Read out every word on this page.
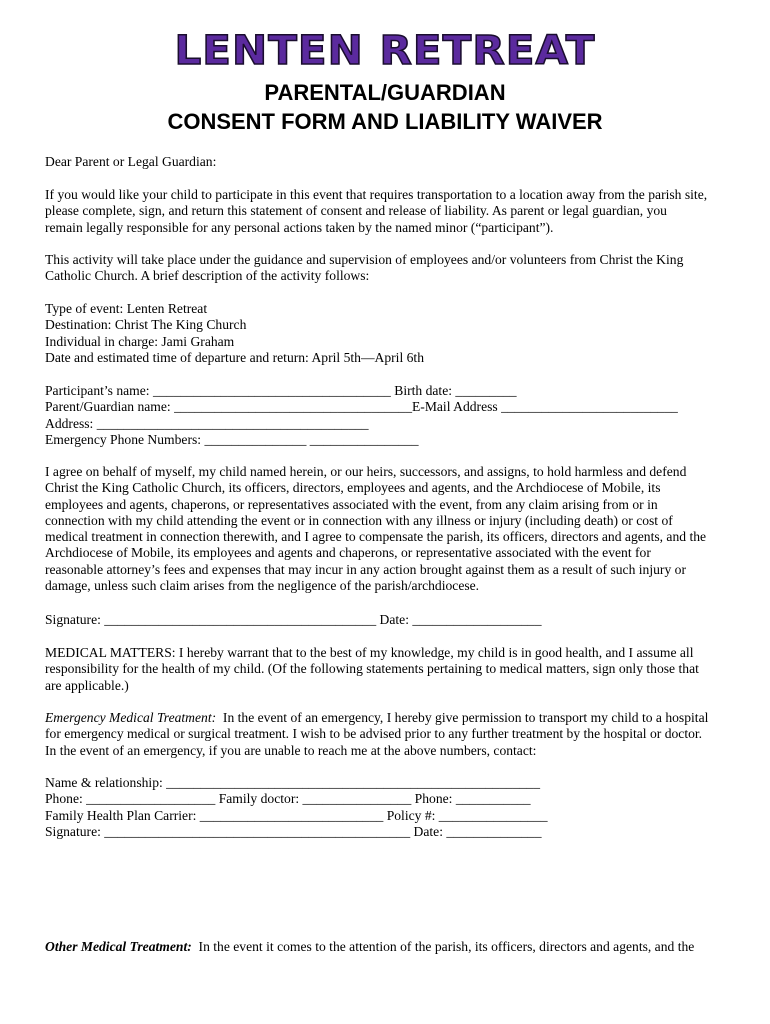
LENTEN RETREAT
PARENTAL/GUARDIAN
CONSENT FORM AND LIABILITY WAIVER
Dear Parent or Legal Guardian:
If you would like your child to participate in this event that requires transportation to a location away from the parish site,
please complete, sign, and return this statement of consent and release of liability. As parent or legal guardian, you
remain legally responsible for any personal actions taken by the named minor (“participant”).
This activity will take place under the guidance and supervision of employees and/or volunteers from Christ the King
Catholic Church. A brief description of the activity follows:
Type of event: Lenten Retreat
Destination: Christ The King Church
Individual in charge: Jami Graham
Date and estimated time of departure and return: April 5th—April 6th
Participant’s name: ___________________________________ Birth date: _________
Parent/Guardian name: ___________________________________E-Mail Address __________________________
Address: ________________________________________
Emergency Phone Numbers: _______________ ________________
I agree on behalf of myself, my child named herein, or our heirs, successors, and assigns, to hold harmless and defend
Christ the King Catholic Church, its officers, directors, employees and agents, and the Archdiocese of Mobile, its
employees and agents, chaperons, or representatives associated with the event, from any claim arising from or in
connection with my child attending the event or in connection with any illness or injury (including death) or cost of
medical treatment in connection therewith, and I agree to compensate the parish, its officers, directors and agents, and the
Archdiocese of Mobile, its employees and agents and chaperons, or representative associated with the event for
reasonable attorney’s fees and expenses that may incur in any action brought against them as a result of such injury or
damage, unless such claim arises from the negligence of the parish/archdiocese.
Signature: ________________________________________ Date: ___________________
MEDICAL MATTERS: I hereby warrant that to the best of my knowledge, my child is in good health, and I assume all
responsibility for the health of my child. (Of the following statements pertaining to medical matters, sign only those that
are applicable.)
Emergency Medical Treatment:  In the event of an emergency, I hereby give permission to transport my child to a hospital
for emergency medical or surgical treatment. I wish to be advised prior to any further treatment by the hospital or doctor.
In the event of an emergency, if you are unable to reach me at the above numbers, contact:
Name & relationship: _______________________________________________________
Phone: ___________________ Family doctor: ________________ Phone: ___________
Family Health Plan Carrier: ___________________________ Policy #: ________________
Signature: _____________________________________________ Date: ______________
Other Medical Treatment:  In the event it comes to the attention of the parish, its officers, directors and agents, and the
